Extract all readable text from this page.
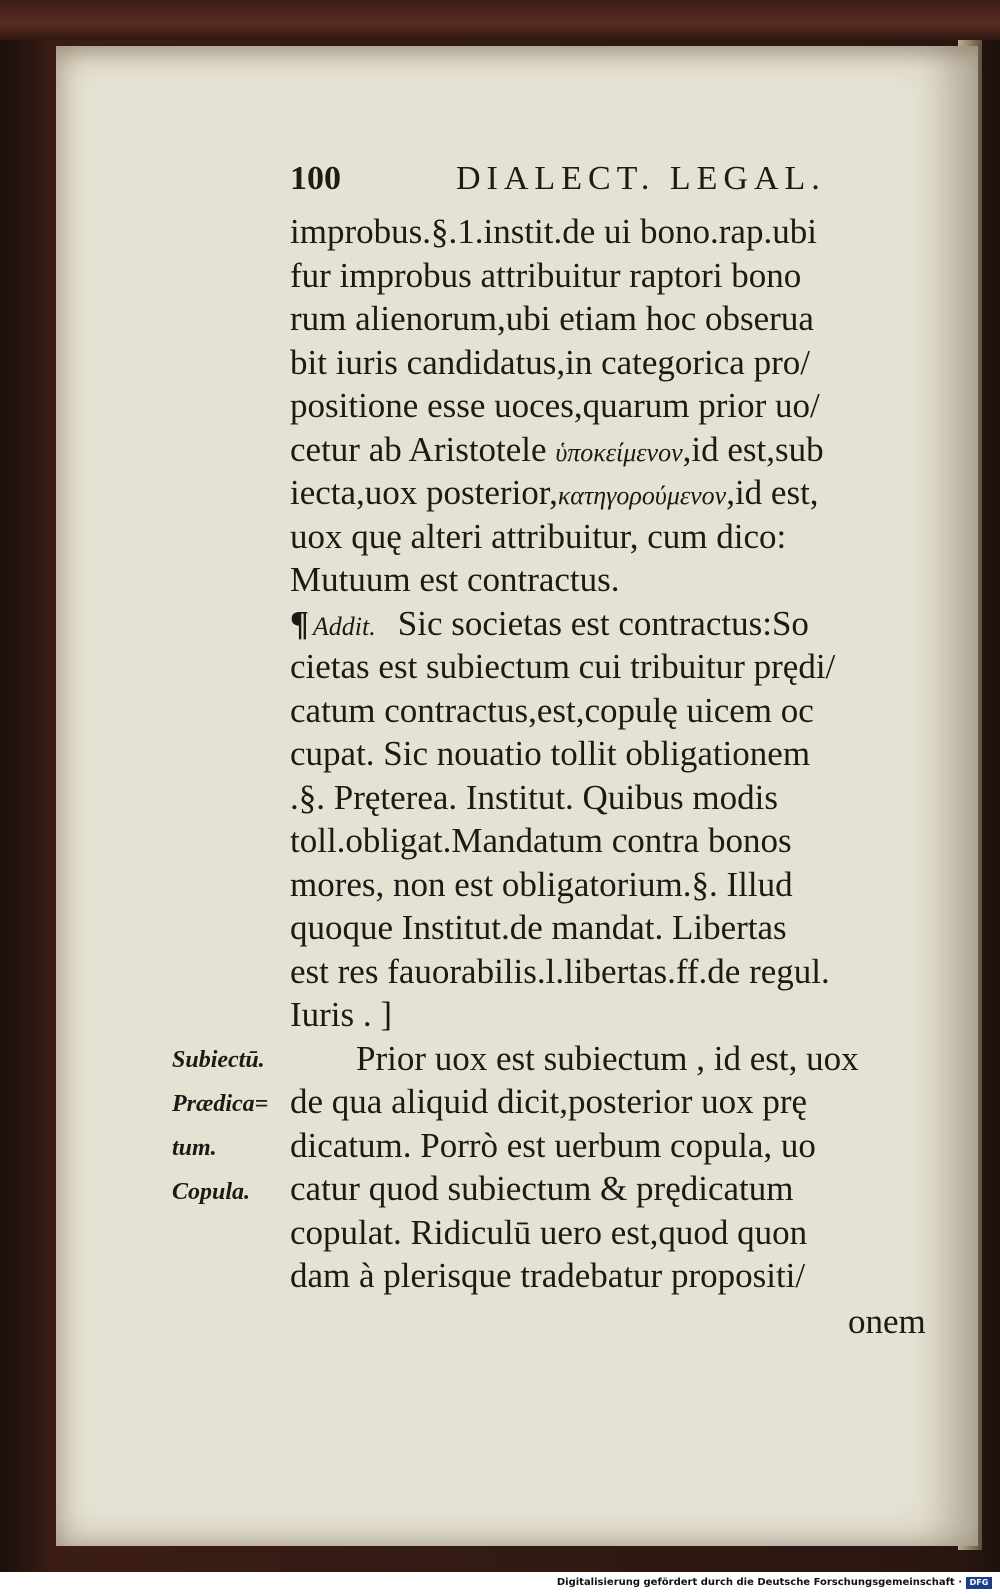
100	DIALECT. LEGAL.
improbus.§.1.instit.de ui bono.rap.ubi
fur improbus attribuitur raptori bono
rum alienorum,ubi etiam hoc obserua
bit iuris candidatus,in categorica pro/
positione esse uoces,quarum prior uo/
cetur ab Aristotele ὑποκείμενον,id est,sub
iecta,uox posterior,κατηγορούμενον,id est,
uox quę alteri attribuitur, cum dico:
Mutuum est contractus.
¶ Addit. Sic societas est contractus:So
cietas est subiectum cui tribuitur prędi/
catum contractus,est,copulę uicem oc
cupat. Sic nouatio tollit obligationem
.§. Pręterea. Institut. Quibus modis
toll.obligat.Mandatum contra bonos
mores, non est obligatorium.§. Illud
quoque Institut.de mandat. Libertas
est res fauorabilis.l.libertas.ff.de regul.
Iuris . ]
Prior uox est subiectum , id est, uox
de qua aliquid dicit,posterior uox prę
dicatum. Porrò est uerbum copula, uo
catur quod subiectum & prędicatum
copulat. Ridiculū uero est,quod quon
dam à plerisque tradebatur propositi/
onem
Subiectū.
Prædica=
tum.
Copula.
Digitalisierung gefördert durch die Deutsche Forschungsgemeinschaft · DFG
